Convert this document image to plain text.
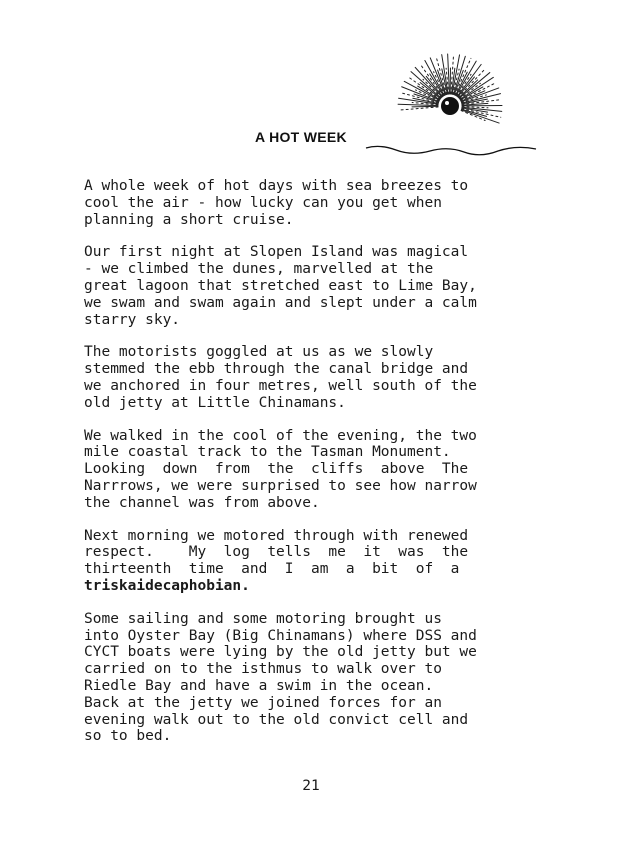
A HOT WEEK

A whole week of hot days with sea breezes to
cool the air - how lucky can you get when
planning a short cruise.

Our first night at Slopen Island was magical
- we climbed the dunes, marvelled at the
great lagoon that stretched east to Lime Bay,
we swam and swam again and slept under a calm
starry sky.

The motorists goggled at us as we slowly
stemmed the ebb through the canal bridge and
we anchored in four metres, well south of the
old jetty at Little Chinamans.

We walked in the cool of the evening, the two
mile coastal track to the Tasman Monument.
Looking  down  from  the  cliffs  above  The
Narrrows, we were surprised to see how narrow
the channel was from above.

Next morning we motored through with renewed
respect.    My  log  tells  me  it  was  the
thirteenth  time  and  I  am  a  bit  of  a
triskaidecaphobian.

Some sailing and some motoring brought us
into Oyster Bay (Big Chinamans) where DSS and
CYCT boats were lying by the old jetty but we
carried on to the isthmus to walk over to
Riedle Bay and have a swim in the ocean.
Back at the jetty we joined forces for an
evening walk out to the old convict cell and
so to bed.

21
